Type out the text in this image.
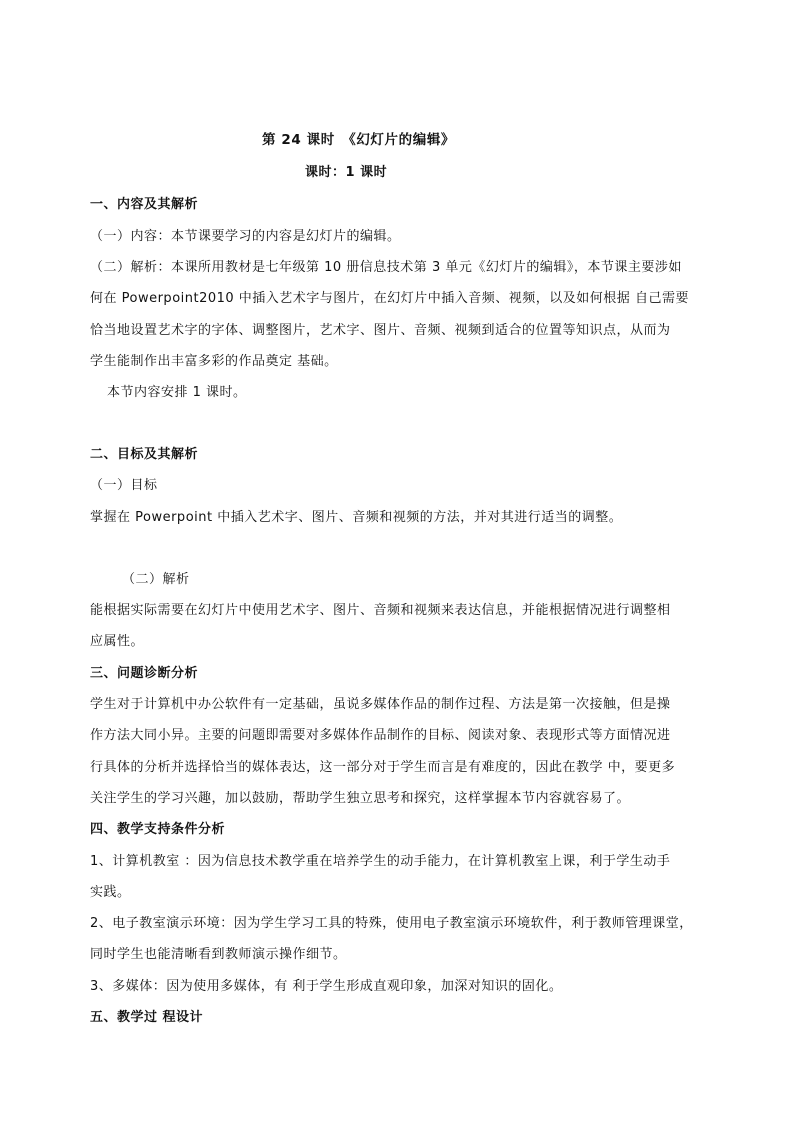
第 24 课时　《幻灯片的编辑》

课时：1 课时

一、内容及其解析

（一）内容：本节课要学习的内容是幻灯片的编辑。

（二）解析：本课所用教材是七年级第 10 册信息技术第 3 单元《幻灯片的编辑》，本节课主要涉如

何在 Powerpoint2010 中插入艺术字与图片，在幻灯片中插入音频、视频，以及如何根据 自己需要

恰当地设置艺术字的字体、调整图片，艺术字、图片、音频、视频到适合的位置等知识点，从而为

学生能制作出丰富多彩的作品奠定 基础。

本节内容安排 1 课时。

二、目标及其解析

（一）目标

掌握在 Powerpoint 中插入艺术字、图片、音频和视频的方法，并对其进行适当的调整。

（二）解析

能根据实际需要在幻灯片中使用艺术字、图片、音频和视频来表达信息，并能根据情况进行调整相

应属性。

三、问题诊断分析

学生对于计算机中办公软件有一定基础，虽说多媒体作品的制作过程、方法是第一次接触，但是操

作方法大同小异。主要的问题即需要对多媒体作品制作的目标、阅读对象、表现形式等方面情况进

行具体的分析并选择恰当的媒体表达，这一部分对于学生而言是有难度的，因此在教学 中，要更多

关注学生的学习兴趣，加以鼓励，帮助学生独立思考和探究，这样掌握本节内容就容易了。

四、教学支持条件分析

1、计算机教室 ：因为信息技术教学重在培养学生的动手能力，在计算机教室上课，利于学生动手

实践。

2、电子教室演示环境：因为学生学习工具的特殊，使用电子教室演示环境软件，利于教师管理课堂，

同时学生也能清晰看到教师演示操作细节。

3、多媒体：因为使用多媒体，有 利于学生形成直观印象，加深对知识的固化。

五、教学过 程设计
